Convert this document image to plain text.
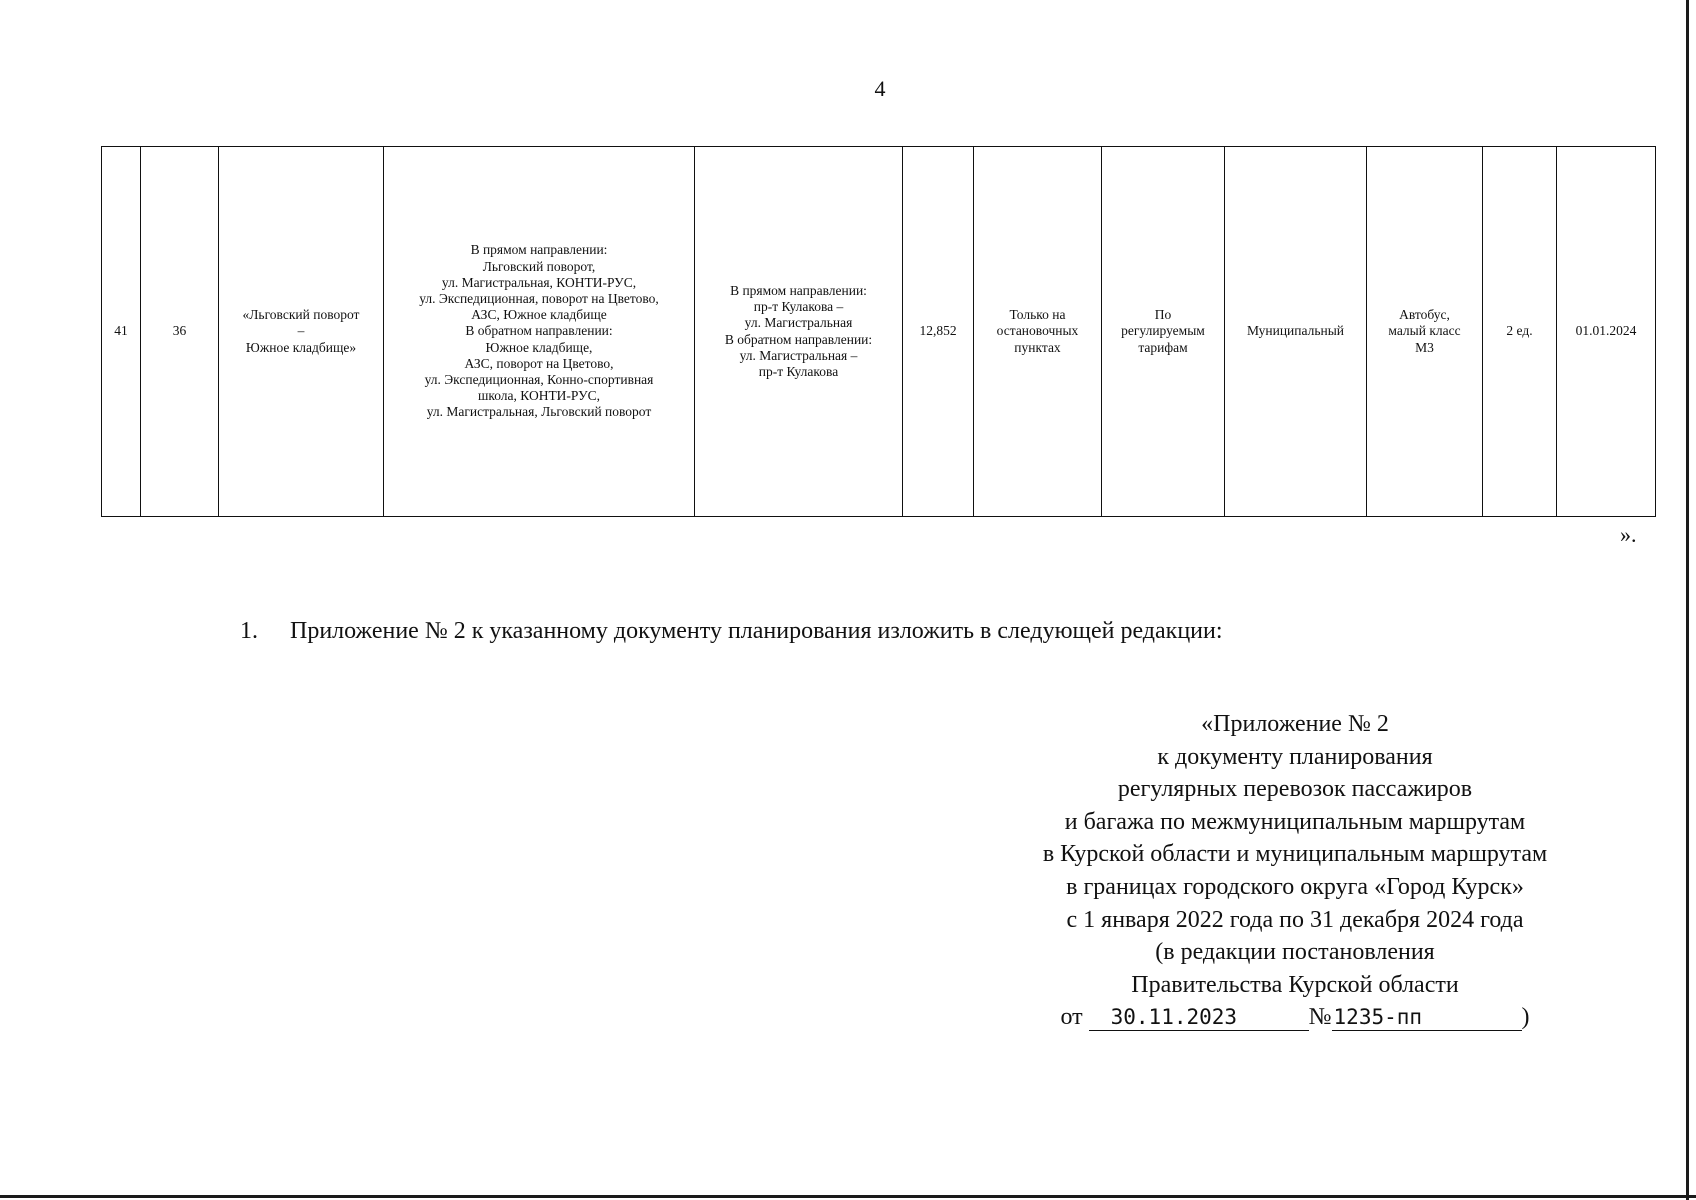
4
41	36	«Льговский поворот
–
Южное кладбище»	В прямом направлении:
Льговский поворот,
ул. Магистральная, КОНТИ-РУС,
ул. Экспедиционная, поворот на Цветово,
АЗС, Южное кладбище
В обратном направлении:
Южное кладбище,
АЗС, поворот на Цветово,
ул. Экспедиционная, Конно-спортивная
школа, КОНТИ-РУС,
ул. Магистральная, Льговский поворот	В прямом направлении:
пр-т Кулакова –
ул. Магистральная
В обратном направлении:
ул. Магистральная –
пр-т Кулакова	12,852	Только на
остановочных
пунктах	По
регулируемым
тарифам	Муниципальный	Автобус,
малый класс
М3	2 ед.	01.01.2024
».
1. Приложение № 2 к указанному документу планирования изложить в следующей редакции:
«Приложение № 2
к документу планирования
регулярных перевозок пассажиров
и багажа по межмуниципальным маршрутам
в Курской области и муниципальным маршрутам
в границах городского округа «Город Курск»
с 1 января 2022 года по 31 декабря 2024 года
(в редакции постановления
Правительства Курской области
от 30.11.2023	№1235-пп	)
